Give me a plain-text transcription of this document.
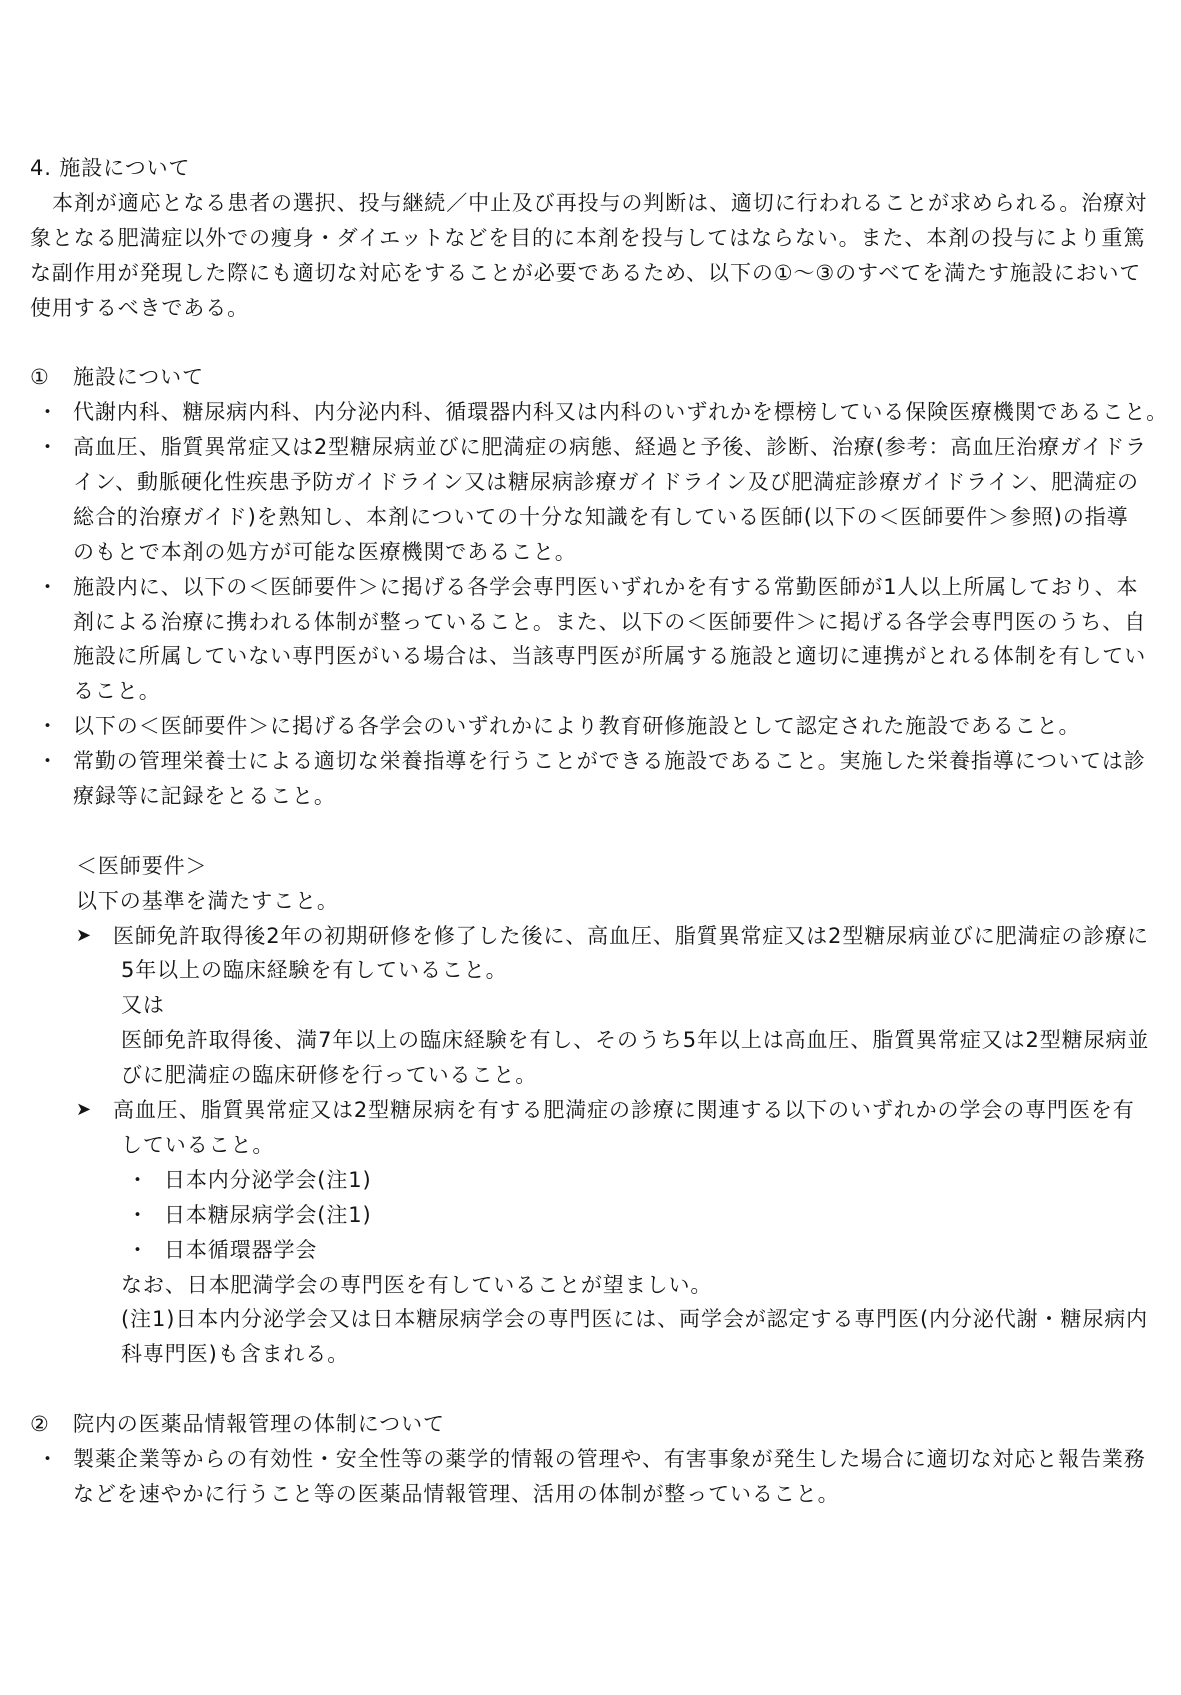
4. 施設について
本剤が適応となる患者の選択、投与継続／中止及び再投与の判断は、適切に行われることが求められる。治療対
象となる肥満症以外での痩身・ダイエットなどを目的に本剤を投与してはならない。また、本剤の投与により重篤
な副作用が発現した際にも適切な対応をすることが必要であるため、以下の①～③のすべてを満たす施設において
使用するべきである。
① 施設について
・ 代謝内科、糖尿病内科、内分泌内科、循環器内科又は内科のいずれかを標榜している保険医療機関であること。
・ 高血圧、脂質異常症又は2型糖尿病並びに肥満症の病態、経過と予後、診断、治療(参考：高血圧治療ガイドラ
イン、動脈硬化性疾患予防ガイドライン又は糖尿病診療ガイドライン及び肥満症診療ガイドライン、肥満症の
総合的治療ガイド)を熟知し、本剤についての十分な知識を有している医師(以下の＜医師要件＞参照)の指導
のもとで本剤の処方が可能な医療機関であること。
・ 施設内に、以下の＜医師要件＞に掲げる各学会専門医いずれかを有する常勤医師が1人以上所属しており、本
剤による治療に携われる体制が整っていること。また、以下の＜医師要件＞に掲げる各学会専門医のうち、自
施設に所属していない専門医がいる場合は、当該専門医が所属する施設と適切に連携がとれる体制を有してい
ること。
・ 以下の＜医師要件＞に掲げる各学会のいずれかにより教育研修施設として認定された施設であること。
・ 常勤の管理栄養士による適切な栄養指導を行うことができる施設であること。実施した栄養指導については診
療録等に記録をとること。
＜医師要件＞
以下の基準を満たすこと。
➤ 医師免許取得後2年の初期研修を修了した後に、高血圧、脂質異常症又は2型糖尿病並びに肥満症の診療に
5年以上の臨床経験を有していること。
又は
医師免許取得後、満7年以上の臨床経験を有し、そのうち5年以上は高血圧、脂質異常症又は2型糖尿病並
びに肥満症の臨床研修を行っていること。
➤ 高血圧、脂質異常症又は2型糖尿病を有する肥満症の診療に関連する以下のいずれかの学会の専門医を有
していること。
・ 日本内分泌学会(注1)
・ 日本糖尿病学会(注1)
・ 日本循環器学会
なお、日本肥満学会の専門医を有していることが望ましい。
(注1)日本内分泌学会又は日本糖尿病学会の専門医には、両学会が認定する専門医(内分泌代謝・糖尿病内
科専門医)も含まれる。
② 院内の医薬品情報管理の体制について
・ 製薬企業等からの有効性・安全性等の薬学的情報の管理や、有害事象が発生した場合に適切な対応と報告業務
などを速やかに行うこと等の医薬品情報管理、活用の体制が整っていること。
